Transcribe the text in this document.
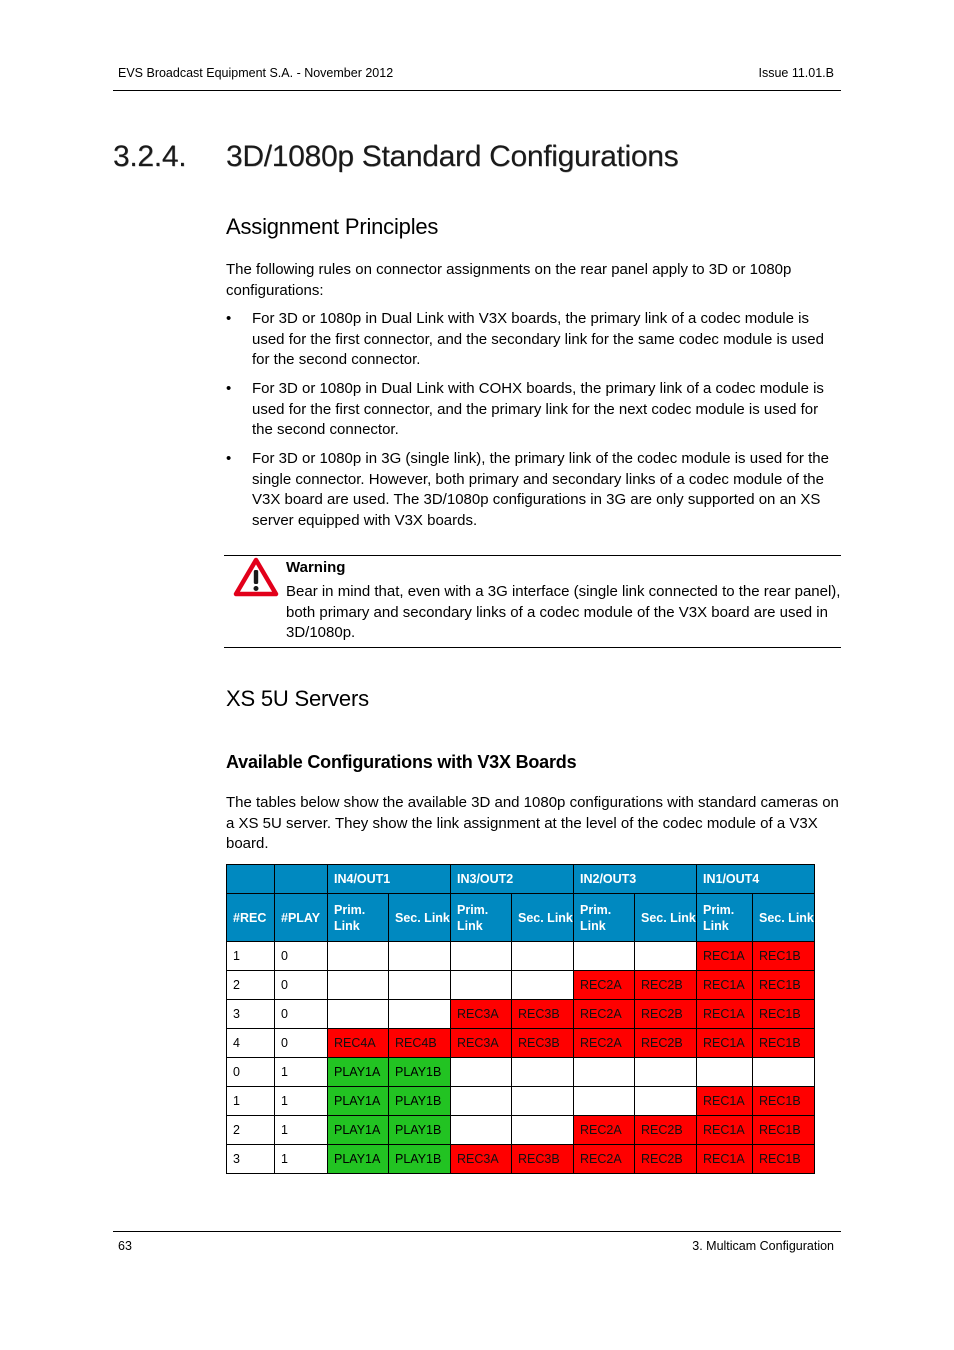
EVS Broadcast Equipment S.A. - November 2012	Issue 11.01.B
3.2.4. 3D/1080p Standard Configurations
Assignment Principles
The following rules on connector assignments on the rear panel apply to 3D or 1080p configurations:
•	For 3D or 1080p in Dual Link with V3X boards, the primary link of a codec module is used for the first connector, and the secondary link for the same codec module is used for the second connector.
•	For 3D or 1080p in Dual Link with COHX boards, the primary link of a codec module is used for the first connector, and the primary link for the next codec module is used for the second connector.
•	For 3D or 1080p in 3G (single link), the primary link of the codec module is used for the single connector. However, both primary and secondary links of a codec module of the V3X board are used. The 3D/1080p configurations in 3G are only supported on an XS server equipped with V3X boards.
Warning
Bear in mind that, even with a 3G interface (single link connected to the rear panel), both primary and secondary links of a codec module of the V3X board are used in 3D/1080p.
XS 5U Servers
Available Configurations with V3X Boards
The tables below show the available 3D and 1080p configurations with standard cameras on a XS 5U server. They show the link assignment at the level of the codec module of a V3X board.
		IN4/OUT1		IN3/OUT2		IN2/OUT3		IN1/OUT4	
#REC	#PLAY	Prim. Link	Sec. Link	Prim. Link	Sec. Link	Prim. Link	Sec. Link	Prim. Link	Sec. Link
1	0							REC1A	REC1B
2	0					REC2A	REC2B	REC1A	REC1B
3	0			REC3A	REC3B	REC2A	REC2B	REC1A	REC1B
4	0	REC4A	REC4B	REC3A	REC3B	REC2A	REC2B	REC1A	REC1B
0	1	PLAY1A	PLAY1B						
1	1	PLAY1A	PLAY1B					REC1A	REC1B
2	1	PLAY1A	PLAY1B			REC2A	REC2B	REC1A	REC1B
3	1	PLAY1A	PLAY1B	REC3A	REC3B	REC2A	REC2B	REC1A	REC1B
63	3. Multicam Configuration
